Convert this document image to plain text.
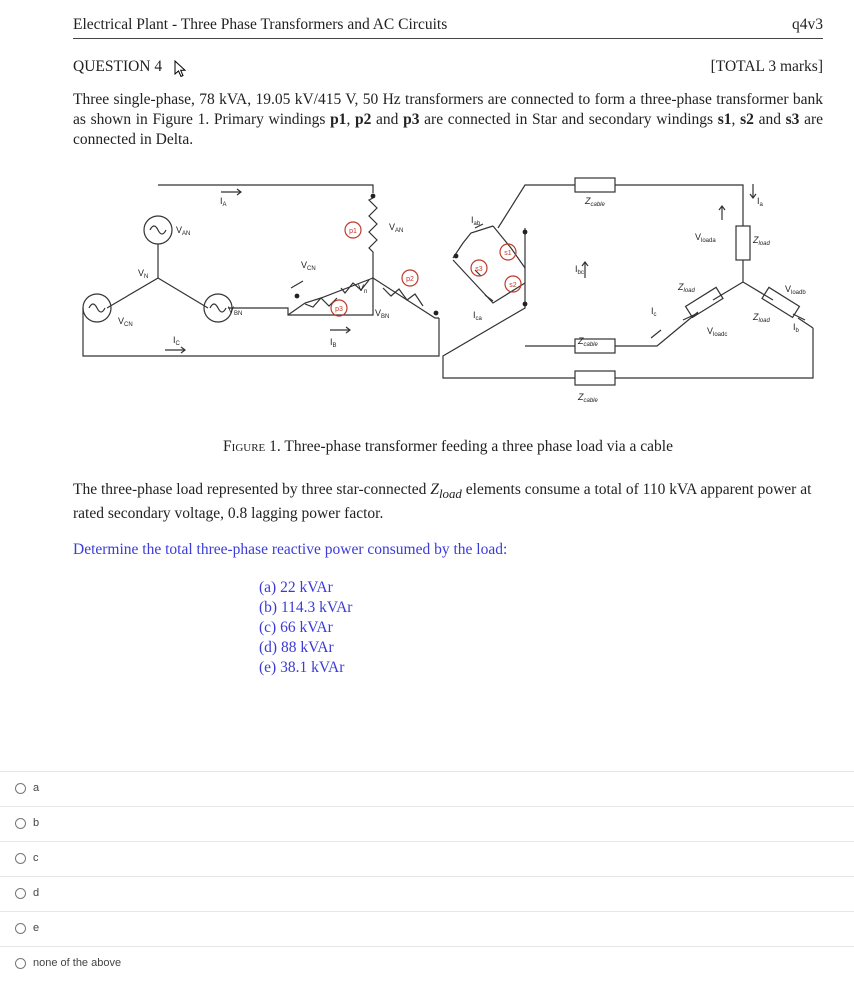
Electrical Plant - Three Phase Transformers and AC Circuits	q4v3
QUESTION 4	[TOTAL 3 marks]
Three single-phase, 78 kVA, 19.05 kV/415 V, 50 Hz transformers are connected to form a three-phase transformer bank as shown in Figure 1. Primary windings p1, p2 and p3 are connected in Star and secondary windings s1, s2 and s3 are connected in Delta.
p1
p2
p3
s1
s2
s3
$I_A$
$I_C$	$I_B$
$V_{AN}$
$V_{BN}$
$V_{CN}$
$V_N$
$V_{AN}$
$V_{BN}$
$V_{CN}$
$V_n$
$I_{ab}$
$I_{ca}$
$I_{bc}$
$I_a$
$I_c$
$I_b$
$Z_{cable}$
$Z_{cable}$
$Z_{cable}$
$Z_{load}$
$Z_{load}$
$Z_{load}$
$V_{loada}$
$V_{loadb}$
$V_{loadc}$
Figure 1. Three-phase transformer feeding a three phase load via a cable
The three-phase load represented by three star-connected $Z_{load}$ elements consume a total of 110 kVA apparent power at rated secondary voltage, 0.8 lagging power factor.
Determine the total three-phase reactive power consumed by the load:
(a) 22 kVAr
(b) 114.3 kVAr
(c) 66 kVAr
(d) 88 kVAr
(e) 38.1 kVAr
a
b
c
d
e
none of the above
